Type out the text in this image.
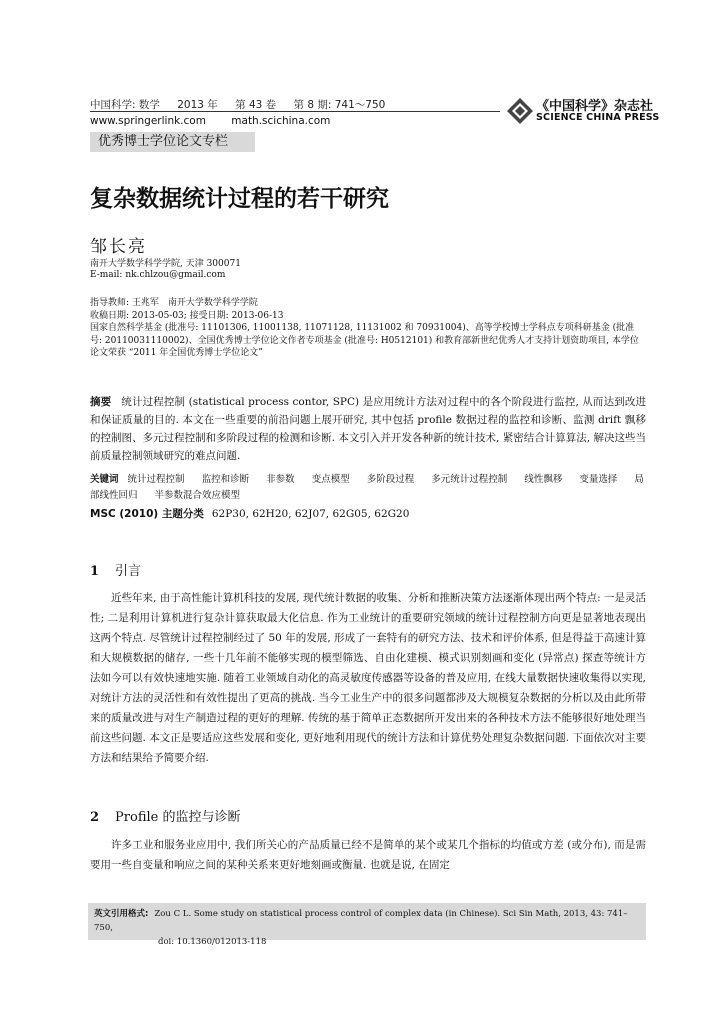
中国科学: 数学 2013 年 第 43 卷 第 8 期: 741～750
www.springerlink.com math.scichina.com
《中国科学》杂志社
SCIENCE CHINA PRESS
优秀博士学位论文专栏
复杂数据统计过程的若干研究
邹长亮
南开大学数学科学学院, 天津 300071
E-mail: nk.chlzou@gmail.com
指导教师: 王兆军　南开大学数学科学学院
收稿日期: 2013-05-03; 接受日期: 2013-06-13
国家自然科学基金 (批准号: 11101306, 11001138, 11071128, 11131002 和 70931004)、高等学校博士学科点专项科研基金 (批准号: 20110031110002)、全国优秀博士学位论文作者专项基金 (批准号: H0512101) 和教育部新世纪优秀人才支持计划资助项目, 本学位论文荣获 “2011 年全国优秀博士学位论文”
摘要 统计过程控制 (statistical process contor, SPC) 是应用统计方法对过程中的各个阶段进行监控, 从而达到改进和保证质量的目的. 本文在一些重要的前沿问题上展开研究, 其中包括 profile 数据过程的监控和诊断、监测 drift 飘移的控制图、多元过程控制和多阶段过程的检测和诊断. 本文引入并开发各种新的统计技术, 紧密结合计算算法, 解决这些当前质量控制领域研究的难点问题.
关键词 统计过程控制 监控和诊断 非参数 变点模型 多阶段过程 多元统计过程控制 线性飘移 变量选择 局部线性回归 半参数混合效应模型
MSC (2010) 主题分类 62P30, 62H20, 62J07, 62G05, 62G20
1 引言
近些年来, 由于高性能计算机科技的发展, 现代统计数据的收集、分析和推断决策方法逐渐体现出两个特点: 一是灵活性; 二是利用计算机进行复杂计算获取最大化信息. 作为工业统计的重要研究领域的统计过程控制方向更是显著地表现出这两个特点. 尽管统计过程控制经过了 50 年的发展, 形成了一套特有的研究方法、技术和评价体系, 但是得益于高速计算和大规模数据的储存, 一些十几年前不能够实现的模型筛选、自由化建模、模式识别刻画和变化 (异常点) 探查等统计方法如今可以有效快速地实施. 随着工业领域自动化的高灵敏度传感器等设备的普及应用, 在线大量数据快速收集得以实现, 对统计方法的灵活性和有效性提出了更高的挑战. 当今工业生产中的很多问题都涉及大规模复杂数据的分析以及由此所带来的质量改进与对生产制造过程的更好的理解. 传统的基于简单正态数据所开发出来的各种技术方法不能够很好地处理当前这些问题. 本文正是要适应这些发展和变化, 更好地利用现代的统计方法和计算优势处理复杂数据问题. 下面依次对主要方法和结果给予简要介绍.
2 Profile 的监控与诊断
许多工业和服务业应用中, 我们所关心的产品质量已经不是简单的某个或某几个指标的均值或方差 (或分布), 而是需要用一些自变量和响应之间的某种关系来更好地刻画或衡量. 也就是说, 在固定
英文引用格式: Zou C L. Some study on statistical process control of complex data (in Chinese). Sci Sin Math, 2013, 43: 741–750,
doi: 10.1360/012013-118
